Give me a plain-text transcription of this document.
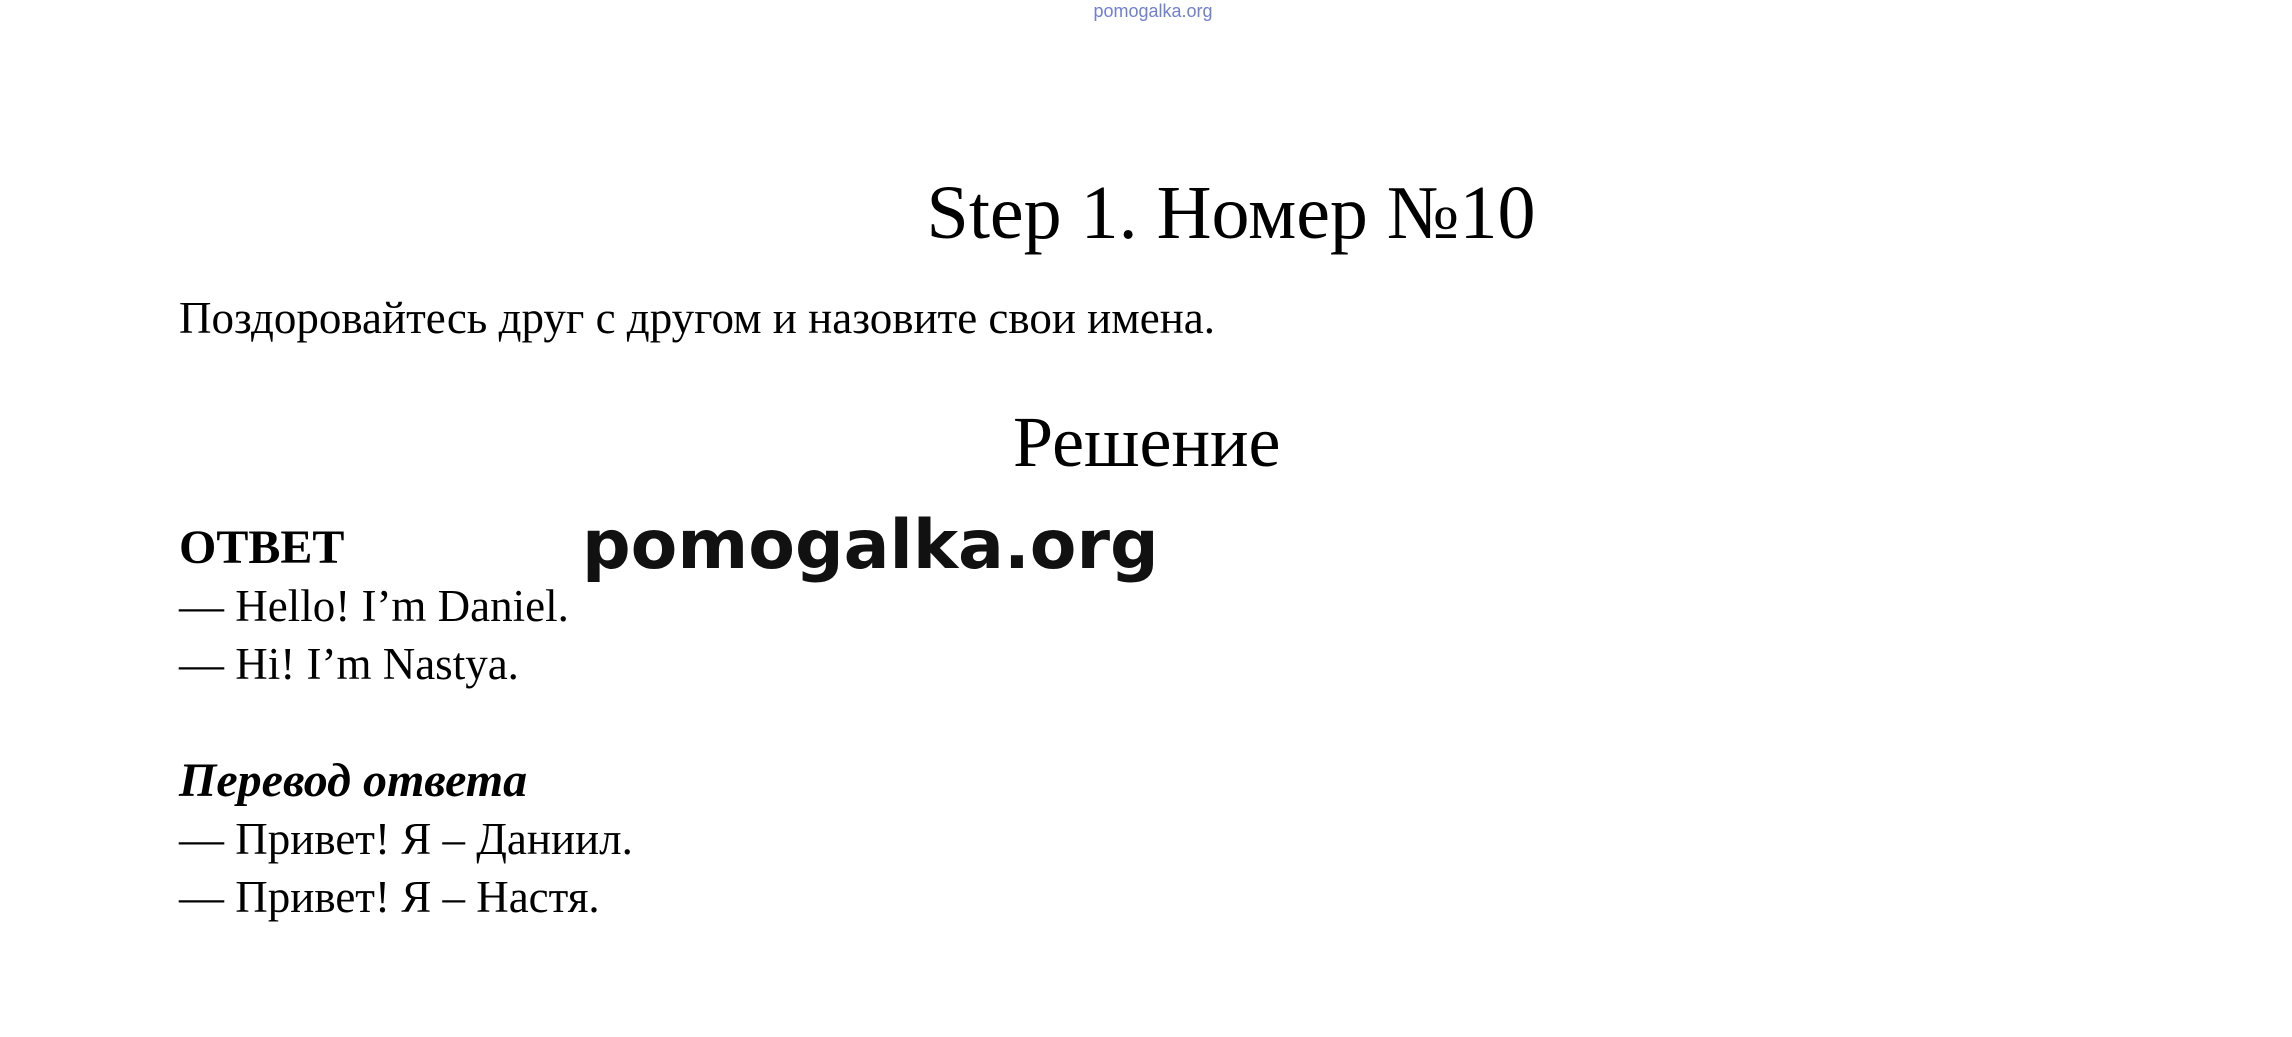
pomogalka.org
Step 1. Номер №10
Поздоровайтесь друг с другом и назовите свои имена.
Решение
ОТВЕТ	pomogalka.org
— Hello! I’m Daniel.
— Hi! I’m Nastya.
Перевод ответа
— Привет! Я – Даниил.
— Привет! Я – Настя.
